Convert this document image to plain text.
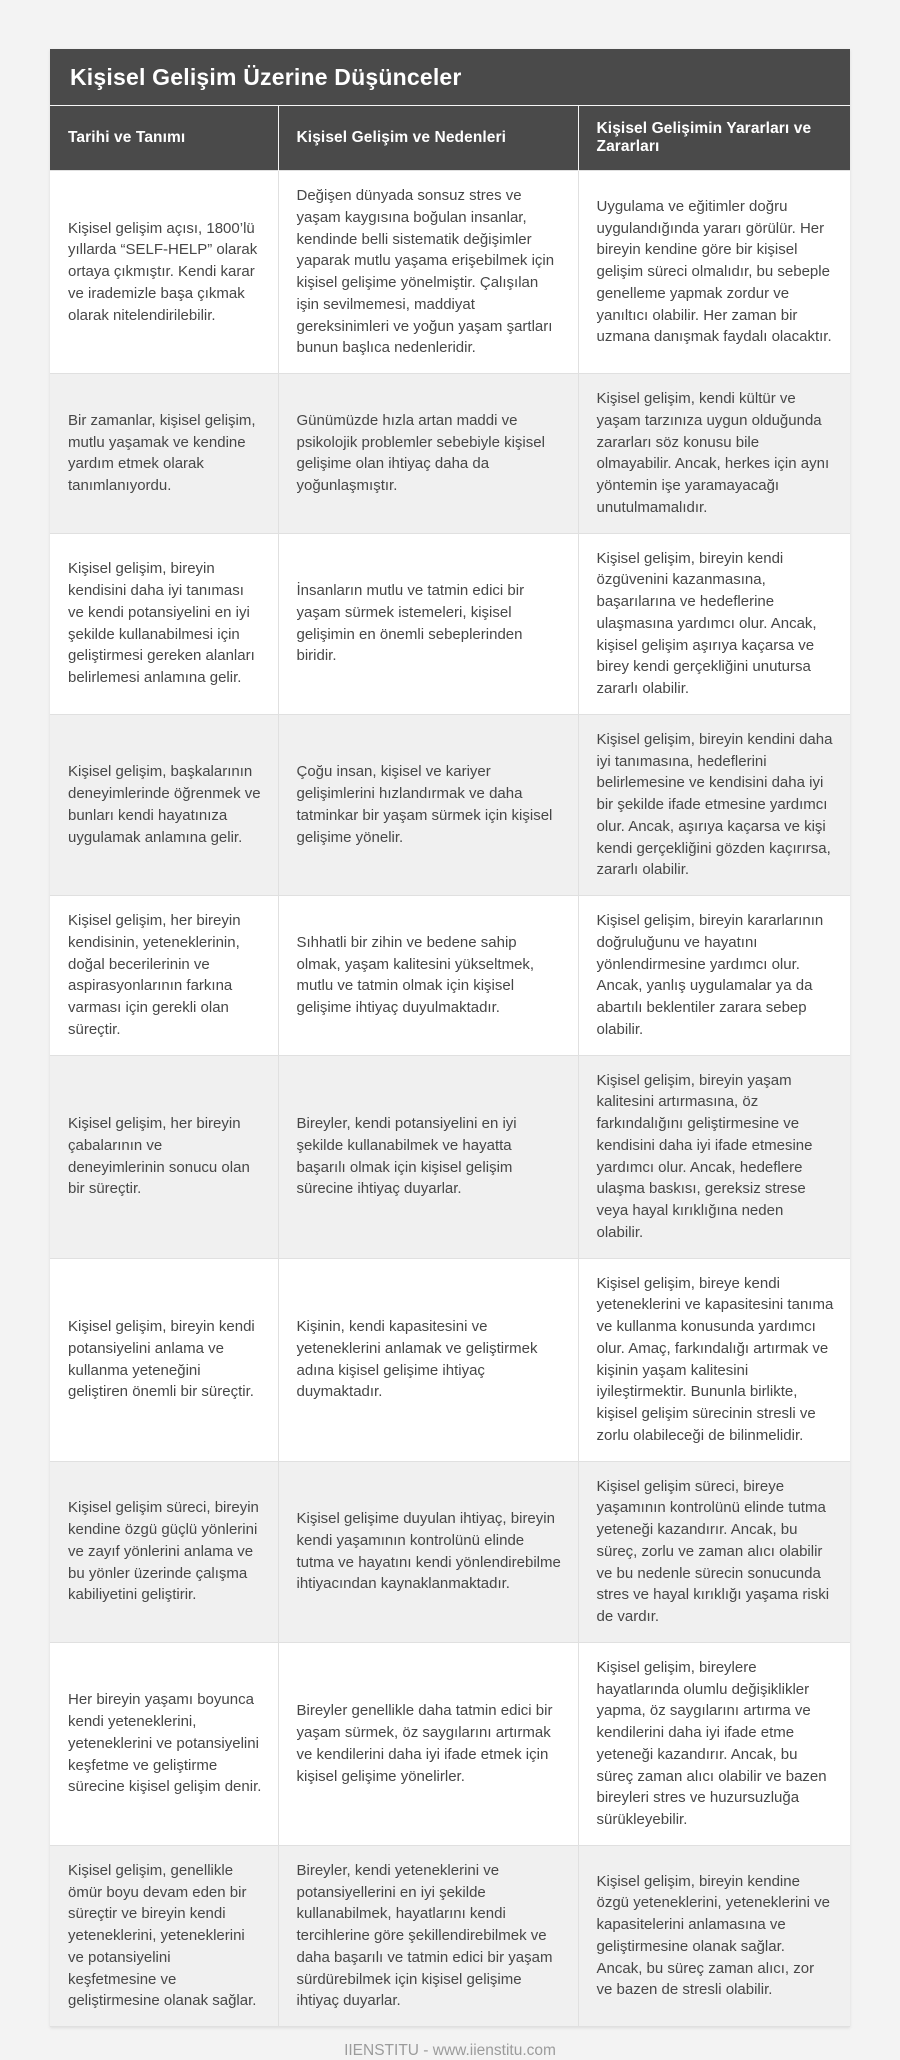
Kişisel Gelişim Üzerine Düşünceler
Tarihi ve Tanımı	Kişisel Gelişim ve Nedenleri	Kişisel Gelişimin Yararları ve Zararları
Kişisel gelişim açısı, 1800’lü yıllarda “SELF-HELP” olarak ortaya çıkmıştır. Kendi karar ve irademizle başa çıkmak olarak nitelendirilebilir.	Değişen dünyada sonsuz stres ve yaşam kaygısına boğulan insanlar, kendinde belli sistematik değişimler yaparak mutlu yaşama erişebilmek için kişisel gelişime yönelmiştir. Çalışılan işin sevilmemesi, maddiyat gereksinimleri ve yoğun yaşam şartları bunun başlıca nedenleridir.	Uygulama ve eğitimler doğru uygulandığında yararı görülür. Her bireyin kendine göre bir kişisel gelişim süreci olmalıdır, bu sebeple genelleme yapmak zordur ve yanıltıcı olabilir. Her zaman bir uzmana danışmak faydalı olacaktır.
Bir zamanlar, kişisel gelişim, mutlu yaşamak ve kendine yardım etmek olarak tanımlanıyordu.	Günümüzde hızla artan maddi ve psikolojik problemler sebebiyle kişisel gelişime olan ihtiyaç daha da yoğunlaşmıştır.	Kişisel gelişim, kendi kültür ve yaşam tarzınıza uygun olduğunda zararları söz konusu bile olmayabilir. Ancak, herkes için aynı yöntemin işe yaramayacağı unutulmamalıdır.
Kişisel gelişim, bireyin kendisini daha iyi tanıması ve kendi potansiyelini en iyi şekilde kullanabilmesi için geliştirmesi gereken alanları belirlemesi anlamına gelir.	İnsanların mutlu ve tatmin edici bir yaşam sürmek istemeleri, kişisel gelişimin en önemli sebeplerinden biridir.	Kişisel gelişim, bireyin kendi özgüvenini kazanmasına, başarılarına ve hedeflerine ulaşmasına yardımcı olur. Ancak, kişisel gelişim aşırıya kaçarsa ve birey kendi gerçekliğini unutursa zararlı olabilir.
Kişisel gelişim, başkalarının deneyimlerinde öğrenmek ve bunları kendi hayatınıza uygulamak anlamına gelir.	Çoğu insan, kişisel ve kariyer gelişimlerini hızlandırmak ve daha tatminkar bir yaşam sürmek için kişisel gelişime yönelir.	Kişisel gelişim, bireyin kendini daha iyi tanımasına, hedeflerini belirlemesine ve kendisini daha iyi bir şekilde ifade etmesine yardımcı olur. Ancak, aşırıya kaçarsa ve kişi kendi gerçekliğini gözden kaçırırsa, zararlı olabilir.
Kişisel gelişim, her bireyin kendisinin, yeteneklerinin, doğal becerilerinin ve aspirasyonlarının farkına varması için gerekli olan süreçtir.	Sıhhatli bir zihin ve bedene sahip olmak, yaşam kalitesini yükseltmek, mutlu ve tatmin olmak için kişisel gelişime ihtiyaç duyulmaktadır.	Kişisel gelişim, bireyin kararlarının doğruluğunu ve hayatını yönlendirmesine yardımcı olur. Ancak, yanlış uygulamalar ya da abartılı beklentiler zarara sebep olabilir.
Kişisel gelişim, her bireyin çabalarının ve deneyimlerinin sonucu olan bir süreçtir.	Bireyler, kendi potansiyelini en iyi şekilde kullanabilmek ve hayatta başarılı olmak için kişisel gelişim sürecine ihtiyaç duyarlar.	Kişisel gelişim, bireyin yaşam kalitesini artırmasına, öz farkındalığını geliştirmesine ve kendisini daha iyi ifade etmesine yardımcı olur. Ancak, hedeflere ulaşma baskısı, gereksiz strese veya hayal kırıklığına neden olabilir.
Kişisel gelişim, bireyin kendi potansiyelini anlama ve kullanma yeteneğini geliştiren önemli bir süreçtir.	Kişinin, kendi kapasitesini ve yeteneklerini anlamak ve geliştirmek adına kişisel gelişime ihtiyaç duymaktadır.	Kişisel gelişim, bireye kendi yeteneklerini ve kapasitesini tanıma ve kullanma konusunda yardımcı olur. Amaç, farkındalığı artırmak ve kişinin yaşam kalitesini iyileştirmektir. Bununla birlikte, kişisel gelişim sürecinin stresli ve zorlu olabileceği de bilinmelidir.
Kişisel gelişim süreci, bireyin kendine özgü güçlü yönlerini ve zayıf yönlerini anlama ve bu yönler üzerinde çalışma kabiliyetini geliştirir.	Kişisel gelişime duyulan ihtiyaç, bireyin kendi yaşamının kontrolünü elinde tutma ve hayatını kendi yönlendirebilme ihtiyacından kaynaklanmaktadır.	Kişisel gelişim süreci, bireye yaşamının kontrolünü elinde tutma yeteneği kazandırır. Ancak, bu süreç, zorlu ve zaman alıcı olabilir ve bu nedenle sürecin sonucunda stres ve hayal kırıklığı yaşama riski de vardır.
Her bireyin yaşamı boyunca kendi yeteneklerini, yeteneklerini ve potansiyelini keşfetme ve geliştirme sürecine kişisel gelişim denir.	Bireyler genellikle daha tatmin edici bir yaşam sürmek, öz saygılarını artırmak ve kendilerini daha iyi ifade etmek için kişisel gelişime yönelirler.	Kişisel gelişim, bireylere hayatlarında olumlu değişiklikler yapma, öz saygılarını artırma ve kendilerini daha iyi ifade etme yeteneği kazandırır. Ancak, bu süreç zaman alıcı olabilir ve bazen bireyleri stres ve huzursuzluğa sürükleyebilir.
Kişisel gelişim, genellikle ömür boyu devam eden bir süreçtir ve bireyin kendi yeteneklerini, yeteneklerini ve potansiyelini keşfetmesine ve geliştirmesine olanak sağlar.	Bireyler, kendi yeteneklerini ve potansiyellerini en iyi şekilde kullanabilmek, hayatlarını kendi tercihlerine göre şekillendirebilmek ve daha başarılı ve tatmin edici bir yaşam sürdürebilmek için kişisel gelişime ihtiyaç duyarlar.	Kişisel gelişim, bireyin kendine özgü yeteneklerini, yeteneklerini ve kapasitelerini anlamasına ve geliştirmesine olanak sağlar. Ancak, bu süreç zaman alıcı, zor ve bazen de stresli olabilir.
IIENSTITU - www.iienstitu.com
